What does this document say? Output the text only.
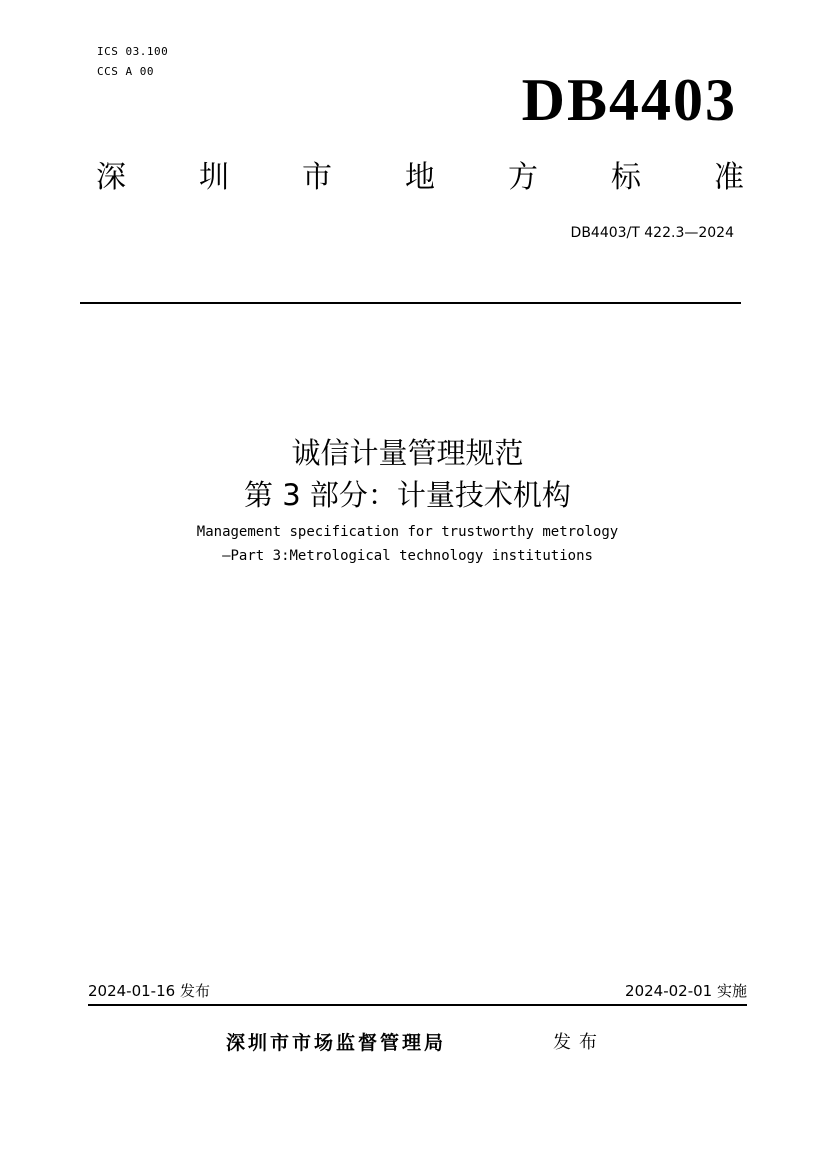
ICS 03.100
CCS A 00	DB4403
深 圳 市 地 方 标 准
DB4403/T 422.3—2024
诚信计量管理规范
第 3 部分：计量技术机构
Management specification for trustworthy metrology
—Part 3:Metrological technology institutions
2024-01-16 发布	2024-02-01 实施
深圳市市场监督管理局	发布
